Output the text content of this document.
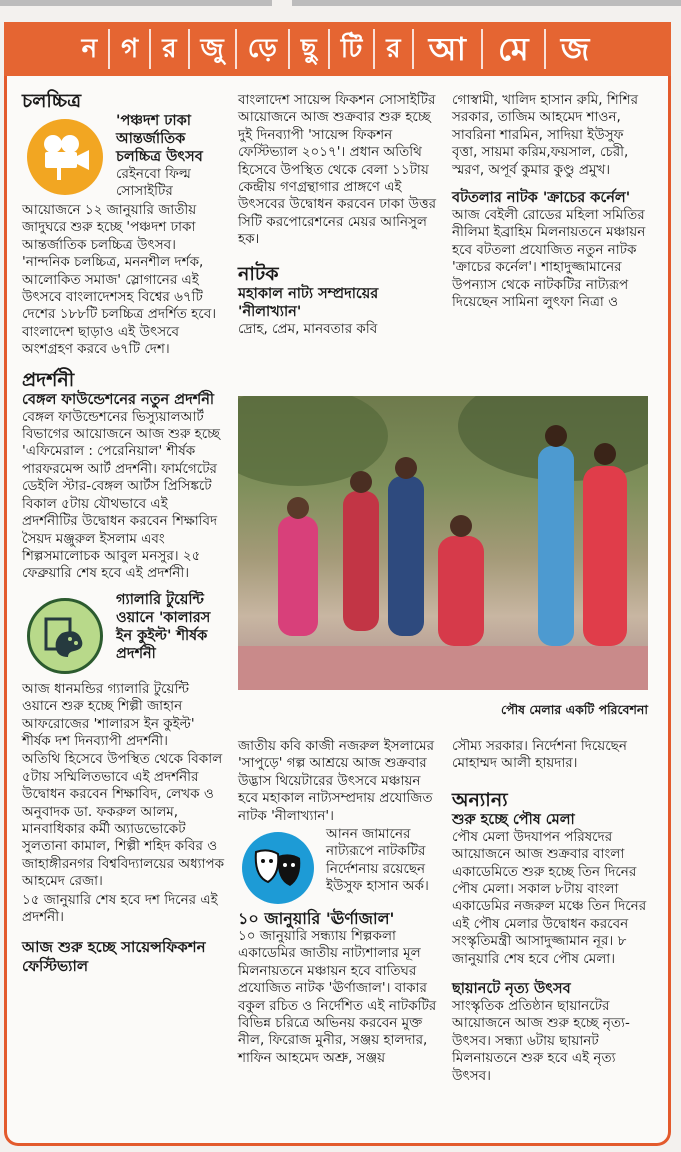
ন গ র জু ড়ে ছু টি র আ	মে	জ
চলচ্চিত্র
'পঞ্চদশ ঢাকা আন্তর্জাতিক চলচ্চিত্র উৎসব

রেইনবো ফিল্ম সোসাইটির

আয়োজনে ১২ জানুয়ারি জাতীয় জাদুঘরে শুরু হচ্ছে 'পঞ্চদশ ঢাকা আন্তর্জাতিক চলচ্চিত্র উৎসব। 'নান্দনিক চলচ্চিত্র, মননশীল দর্শক, আলোকিত সমাজ' স্লোগানের এই উৎসবে বাংলাদেশসহ বিশ্বের ৬৭টি দেশের ১৮৮টি চলচ্চিত্র প্রদর্শিত হবে। বাংলাদেশ ছাড়াও এই উৎসবে অংশগ্রহণ করবে ৬৭টি দেশ।

প্রদর্শনী
বেঙ্গল ফাউন্ডেশনের নতুন প্রদর্শনী

বেঙ্গল ফাউন্ডেশনের ভিস্যুয়ালআর্ট বিভাগের আয়োজনে আজ শুরু হচ্ছে 'এফিমেরাল : পেরেনিয়াল' শীর্ষক পারফরমেন্স আর্ট প্রদর্শনী। ফার্মগেটের ডেইলি স্টার-বেঙ্গল আর্টস প্রিসিঙ্কটে বিকাল ৫টায় যৌথভাবে এই প্রদর্শনীটির উদ্বোধন করবেন শিক্ষাবিদ সৈয়দ মঞ্জুরুল ইসলাম এবং শিল্পসমালোচক আবুল মনসুর। ২৫ ফেব্রুয়ারি শেষ হবে এই প্রদর্শনী।

গ্যালারি টুয়েন্টি ওয়ানে 'কালারস ইন কুইল্ট' শীর্ষক প্রদর্শনী

আজ ধানমন্ডির গ্যালারি টুয়েন্টি ওয়ানে শুরু হচ্ছে শিল্পী জাহান আফরোজের 'শালারস ইন কুইল্ট' শীর্ষক দশ দিনব্যাপী প্রদর্শনী।

অতিথি হিসেবে উপস্থিত থেকে বিকাল ৫টায় সম্মিলিতভাবে এই প্রদর্শনীর উদ্বোধন করবেন শিক্ষাবিদ, লেখক ও অনুবাদক ডা. ফকরুল আলম, মানবাধিকার কর্মী অ্যাডভোকেট সুলতানা কামাল, শিল্পী শহিদ কবির ও জাহাঙ্গীরনগর বিশ্ববিদ্যালয়ের অধ্যাপক আহমেদ রেজা।

১৫ জানুয়ারি শেষ হবে দশ দিনের এই প্রদর্শনী।

আজ শুরু হচ্ছে সায়েন্সফিকশন ফেস্টিভ্যাল

বাংলাদেশ সায়েন্স ফিকশন সোসাইটির আয়োজনে আজ শুক্রবার শুরু হচ্ছে দুই দিনব্যাপী 'সায়েন্স ফিকশন ফেস্টিভ্যাল ২০১৭'। প্রধান অতিথি হিসেবে উপস্থিত থেকে বেলা ১১টায় কেন্দ্রীয় গণগ্রন্থাগার প্রাঙ্গণে এই উৎসবের উদ্বোধন করবেন ঢাকা উত্তর সিটি করপোরেশনের মেয়র আনিসুল হক।

নাটক
মহাকাল নাট্য সম্প্রদায়ের 'নীলাখ্যান'

দ্রোহ, প্রেম, মানবতার কবি

গোস্বামী, খালিদ হাসান রুমি, শিশির সরকার, তাজিম আহমেদ শাওন, সাবরিনা শারমিন, সাদিয়া ইউসুফ বৃত্তা, সায়মা করিম,ফয়সাল, চেরী, স্মরণ, অপূর্ব কুমার কুণ্ডু প্রমুখ।

বটতলার নাটক 'ক্রাচের কর্নেল'

আজ বেইলী রোডের মহিলা সমিতির নীলিমা ইব্রাহিম মিলনায়তনে মঞ্চায়ন হবে বটতলা প্রযোজিত নতুন নাটক 'ক্রাচের কর্নেল'। শাহাদুজ্জামানের উপন্যাস থেকে নাটকটির নাট্যরূপ দিয়েছেন সামিনা লুৎফা নিত্রা ও

পৌষ মেলার একটি পরিবেশনা

জাতীয় কবি কাজী নজরুল ইসলামের 'সাপুড়ে' গল্প আশ্রয়ে আজ শুক্রবার উদ্ভাস থিয়েটারের উৎসবে মঞ্চায়ন হবে মহাকাল নাট্যসম্প্রদায় প্রযোজিত নাটক 'নীলাখ্যান'।

আনন জামানের নাট্যরূপে নাটকটির নির্দেশনায় রয়েছেন ইউসুফ হাসান অর্ক।

১০ জানুয়ারি 'ঊর্ণাজাল'

১০ জানুয়ারি সন্ধ্যায় শিল্পকলা একাডেমির জাতীয় নাট্যশালার মূল মিলনায়তনে মঞ্চায়ন হবে বাতিঘর প্রযোজিত নাটক 'ঊর্ণাজাল'। বাকার বকুল রচিত ও নির্দেশিত এই নাটকটির বিভিন্ন চরিত্রে অভিনয় করবেন মুক্ত নীল, ফিরোজ মুনীর, সঞ্জয় হালদার, শাফিন আহমেদ অশ্রু, সঞ্জয়

সৌম্য সরকার। নির্দেশনা দিয়েছেন মোহাম্মদ আলী হায়দার।

অন্যান্য
শুরু হচ্ছে পৌষ মেলা

পৌষ মেলা উদযাপন পরিষদের আয়োজনে আজ শুক্রবার বাংলা একাডেমিতে শুরু হচ্ছে তিন দিনের পৌষ মেলা। সকাল ৮টায় বাংলা একাডেমির নজরুল মঞ্চে তিন দিনের এই পৌষ মেলার উদ্বোধন করবেন সংস্কৃতিমন্ত্রী আসাদুজ্জামান নূর। ৮ জানুয়ারি শেষ হবে পৌষ মেলা।

ছায়ানটে নৃত্য উৎসব

সাংস্কৃতিক প্রতিষ্ঠান ছায়ানটের আয়োজনে আজ শুরু হচ্ছে নৃত্য-উৎসব। সন্ধ্যা ৬টায় ছায়ানট মিলনায়তনে শুরু হবে এই নৃত্য উৎসব।
